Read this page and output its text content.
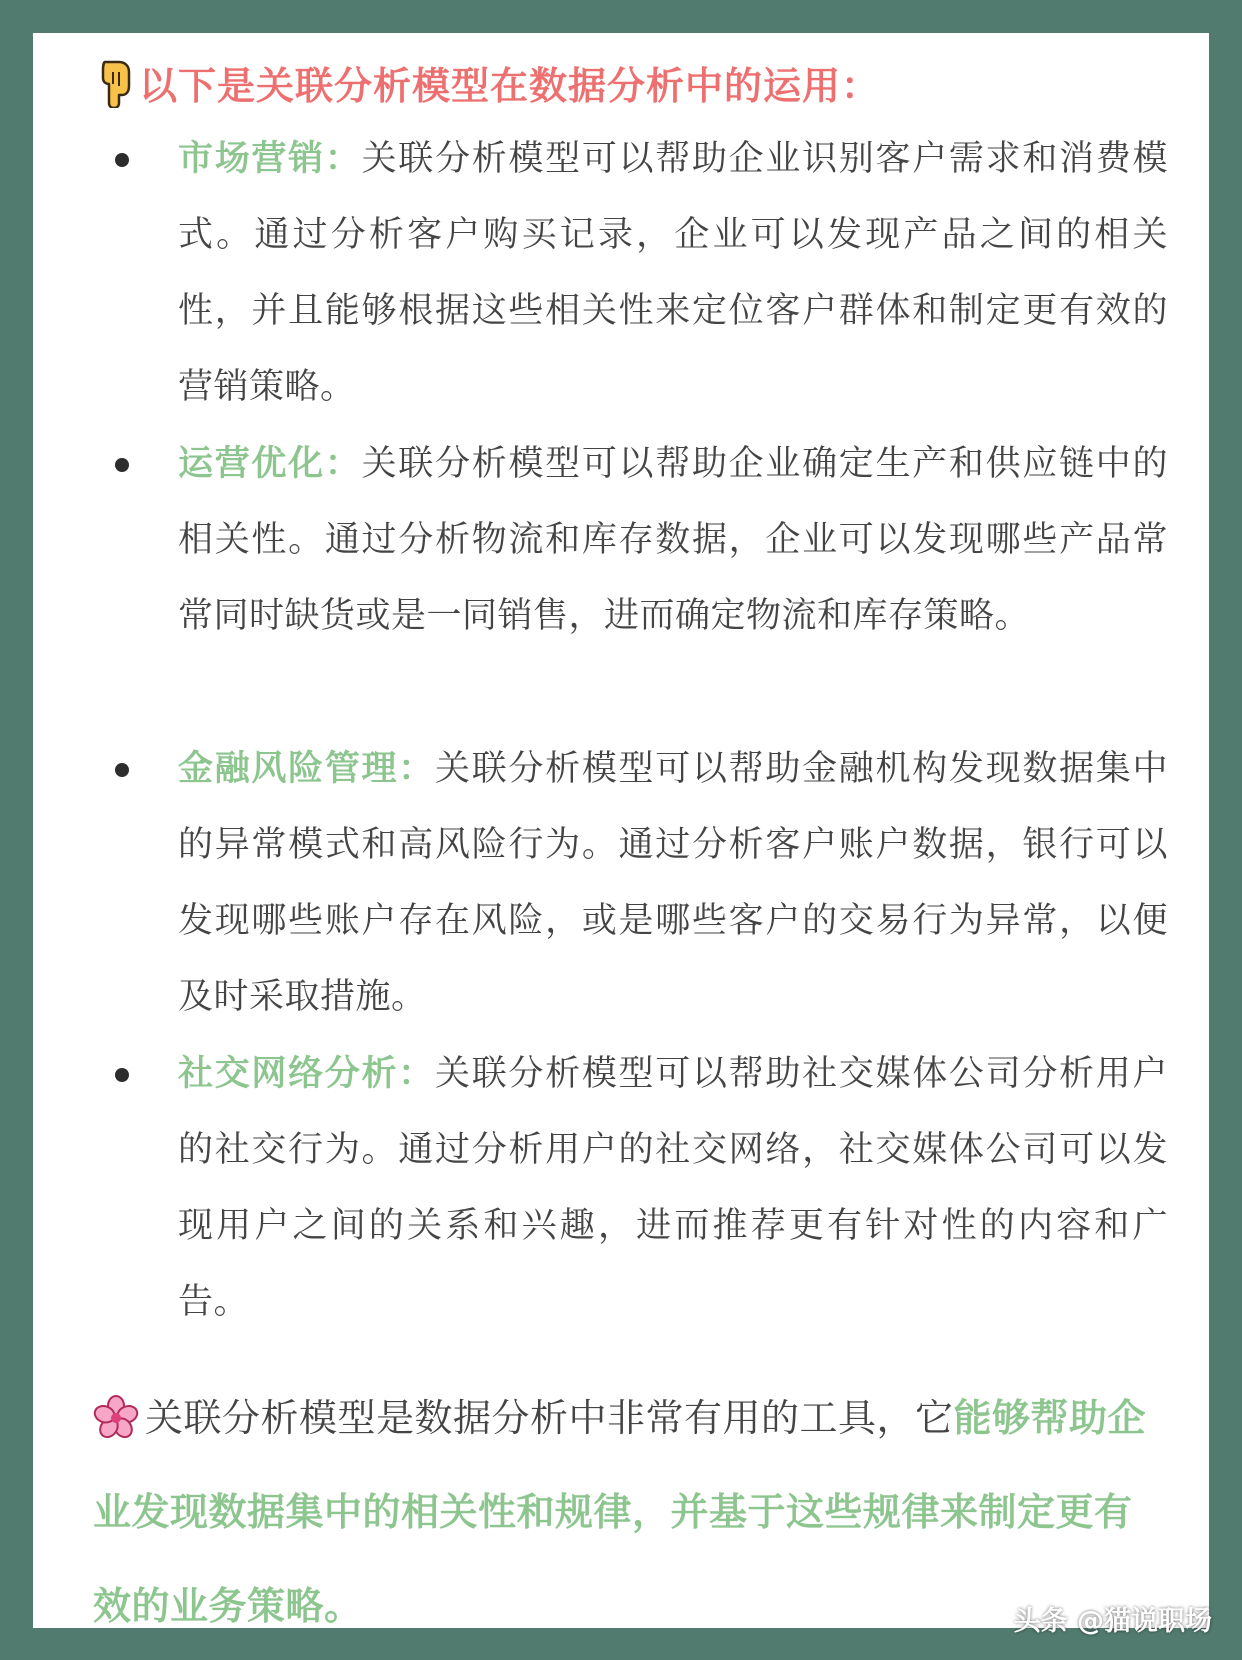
以下是关联分析模型在数据分析中的运用：
市场营销：关联分析模型可以帮助企业识别客户需求和消费模式。通过分析客户购买记录，企业可以发现产品之间的相关性，并且能够根据这些相关性来定位客户群体和制定更有效的营销策略。
运营优化：关联分析模型可以帮助企业确定生产和供应链中的相关性。通过分析物流和库存数据，企业可以发现哪些产品常常同时缺货或是一同销售，进而确定物流和库存策略。
金融风险管理：关联分析模型可以帮助金融机构发现数据集中的异常模式和高风险行为。通过分析客户账户数据，银行可以发现哪些账户存在风险，或是哪些客户的交易行为异常，以便及时采取措施。
社交网络分析：关联分析模型可以帮助社交媒体公司分析用户的社交行为。通过分析用户的社交网络，社交媒体公司可以发现用户之间的关系和兴趣，进而推荐更有针对性的内容和广告。
关联分析模型是数据分析中非常有用的工具，它能够帮助企业发现数据集中的相关性和规律，并基于这些规律来制定更有效的业务策略。	头条 @猫说职场
